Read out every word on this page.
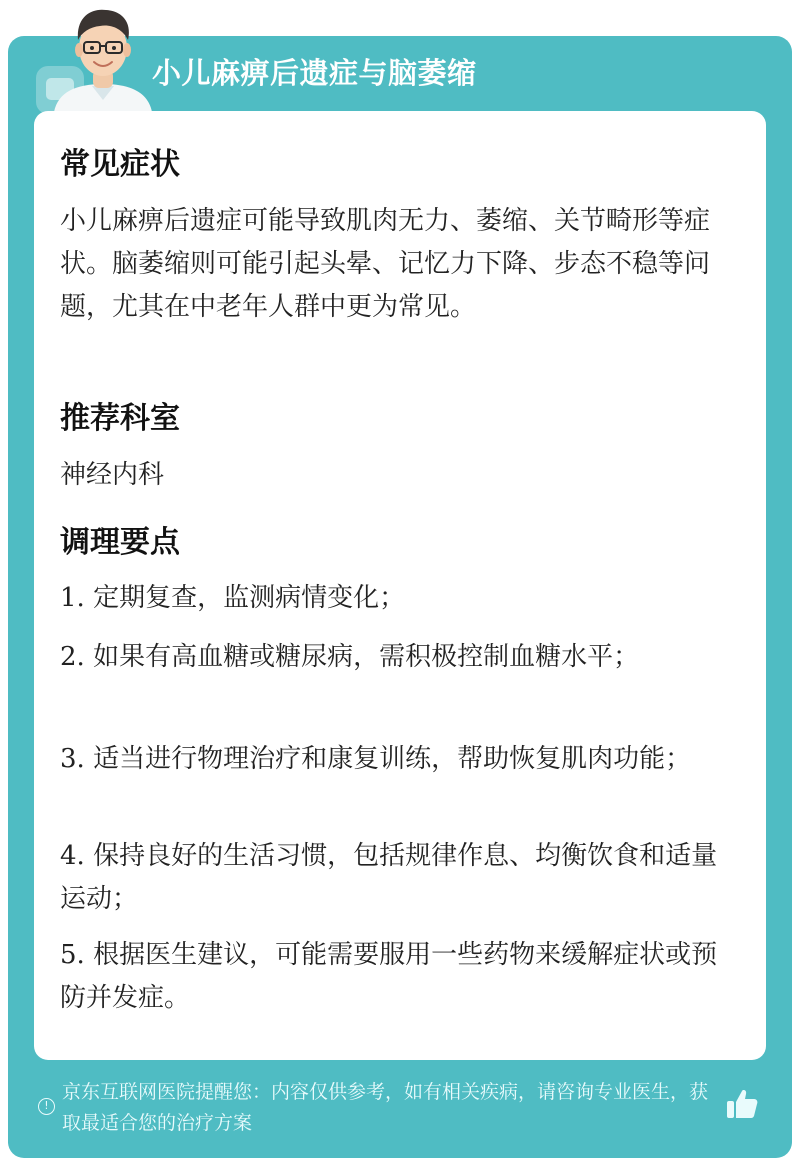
小儿麻痹后遗症与脑萎缩
常见症状
小儿麻痹后遗症可能导致肌肉无力、萎缩、关节畸形等症状。脑萎缩则可能引起头晕、记忆力下降、步态不稳等问题，尤其在中老年人群中更为常见。
推荐科室
神经内科
调理要点
1. 定期复查，监测病情变化；
2. 如果有高血糖或糖尿病，需积极控制血糖水平；
3. 适当进行物理治疗和康复训练，帮助恢复肌肉功能；
4. 保持良好的生活习惯，包括规律作息、均衡饮食和适量运动；
5. 根据医生建议，可能需要服用一些药物来缓解症状或预防并发症。
!
京东互联网医院提醒您：内容仅供参考，如有相关疾病，请咨询专业医生，获取最适合您的治疗方案
